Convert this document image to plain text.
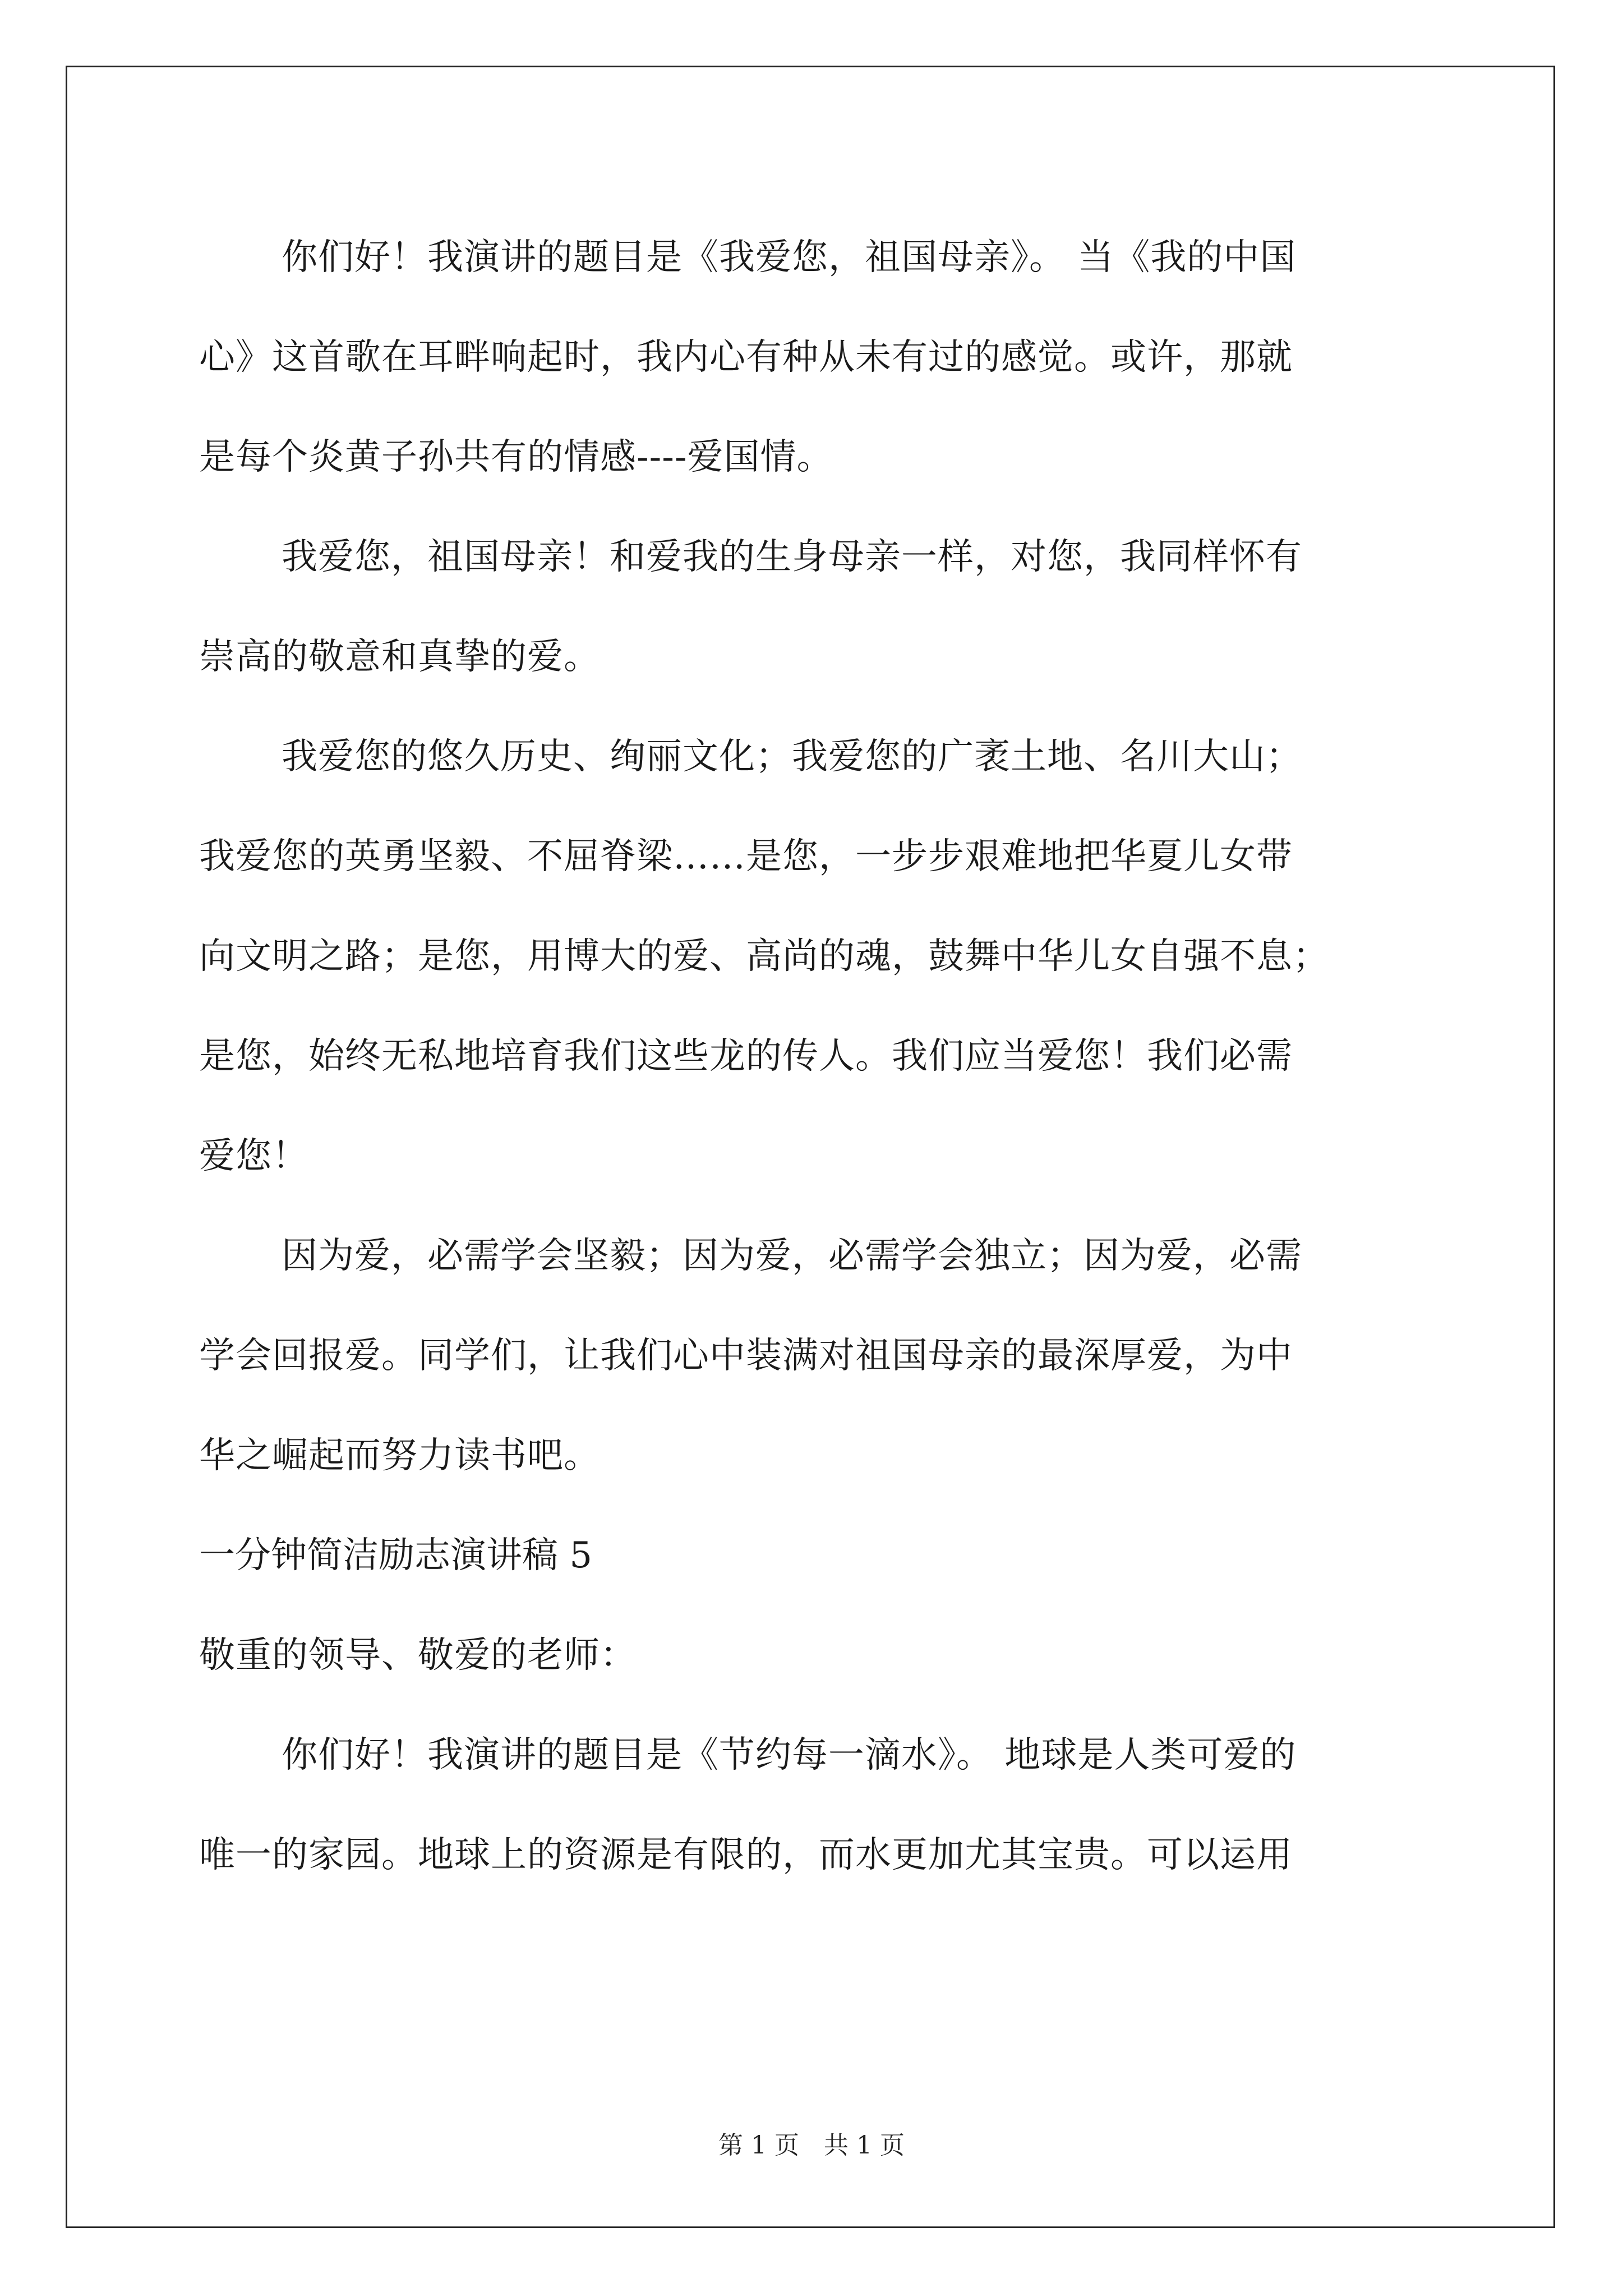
你们好！我演讲的题目是《我爱您，祖国母亲》。 当《我的中国
心》这首歌在耳畔响起时，我内心有种从未有过的感觉。或许，那就
是每个炎黄子孙共有的情感----爱国情。
我爱您，祖国母亲！和爱我的生身母亲一样，对您，我同样怀有
崇高的敬意和真挚的爱。
我爱您的悠久历史、绚丽文化；我爱您的广袤土地、名川大山；
我爱您的英勇坚毅、不屈脊梁……是您，一步步艰难地把华夏儿女带
向文明之路；是您，用博大的爱、高尚的魂，鼓舞中华儿女自强不息；
是您，始终无私地培育我们这些龙的传人。我们应当爱您！我们必需
爱您！
因为爱，必需学会坚毅；因为爱，必需学会独立；因为爱，必需
学会回报爱。同学们，让我们心中装满对祖国母亲的最深厚爱，为中
华之崛起而努力读书吧。
一分钟简洁励志演讲稿 5
敬重的领导、敬爱的老师：
你们好！我演讲的题目是《节约每一滴水》。 地球是人类可爱的
唯一的家园。地球上的资源是有限的，而水更加尤其宝贵。可以运用
第 1 页　共 1 页
